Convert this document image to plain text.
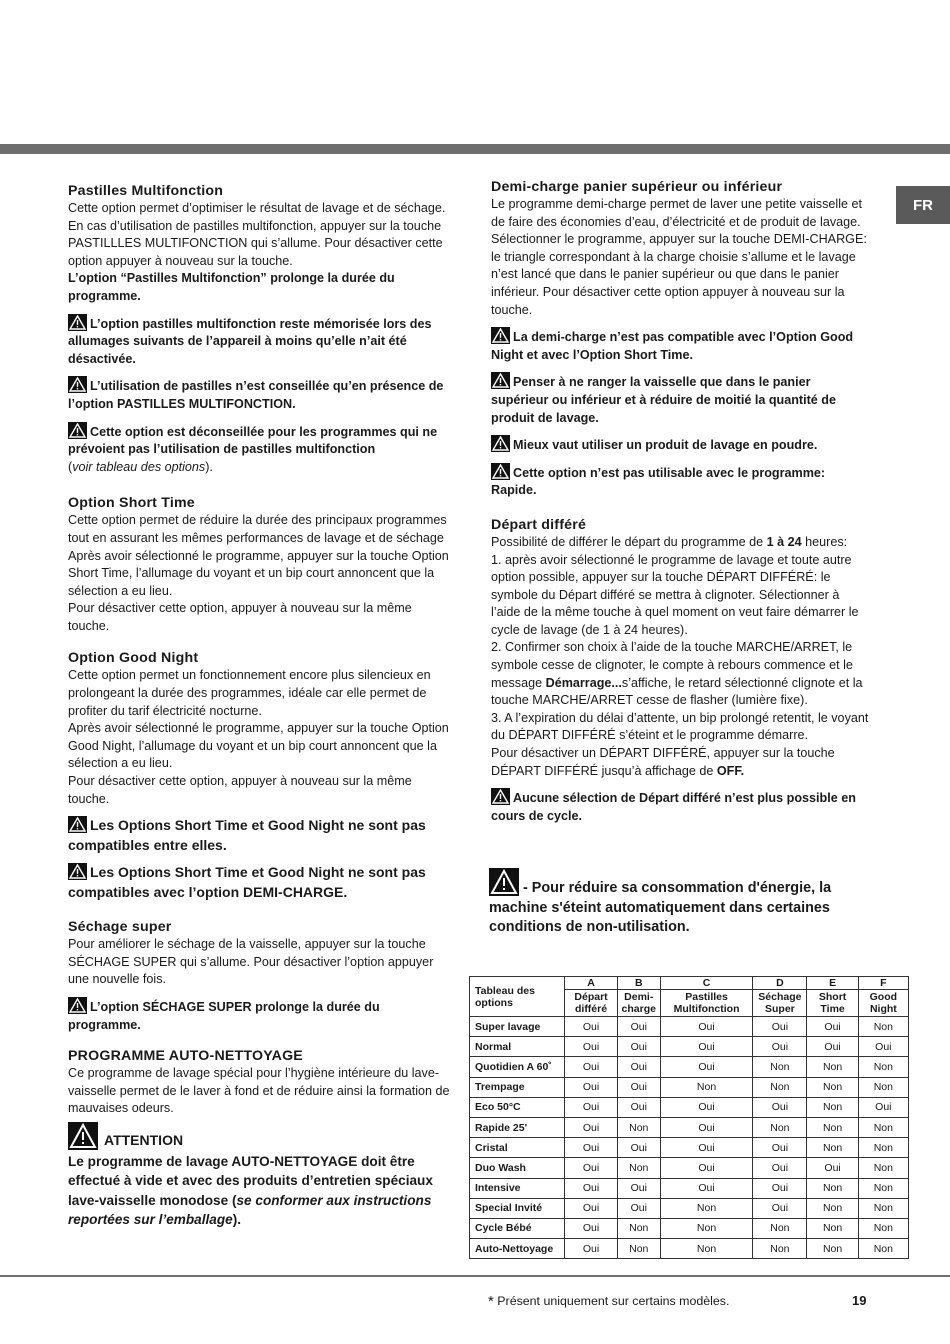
FR
Pastilles Multifonction

Cette option permet d’optimiser le résultat de lavage et de séchage.

En cas d’utilisation de pastilles multifonction, appuyer sur la touche PASTILLLES MULTIFONCTION qui s’allume. Pour désactiver cette option appuyer à nouveau sur la touche.

L’option “Pastilles Multifonction” prolonge la durée du programme.

L’option pastilles multifonction reste mémorisée lors des allumages suivants de l’appareil à moins qu’elle n’ait été désactivée.

L’utilisation de pastilles n’est conseillée qu’en présence de l’option PASTILLES MULTIFONCTION.

Cette option est déconseillée pour les programmes qui ne prévoient pas l’utilisation de pastilles multifonction

(voir tableau des options).

Option Short Time

Cette option permet de réduire la durée des principaux programmes tout en assurant les mêmes performances de lavage et de séchage

Après avoir sélectionné le programme, appuyer sur la touche Option Short Time, l’allumage du voyant et un bip court annoncent que la sélection a eu lieu.

Pour désactiver cette option, appuyer à nouveau sur la même touche.

Option Good Night

Cette option permet un fonctionnement encore plus silencieux en prolongeant la durée des programmes, idéale car elle permet de profiter du tarif électricité nocturne.

Après avoir sélectionné le programme, appuyer sur la touche Option Good Night, l’allumage du voyant et un bip court annoncent que la sélection a eu lieu.

Pour désactiver cette option, appuyer à nouveau sur la même touche.

Les Options Short Time et Good Night ne sont pas compatibles entre elles.

Les Options Short Time et Good Night ne sont pas compatibles avec l’option DEMI-CHARGE.

Séchage super

Pour améliorer le séchage de la vaisselle, appuyer sur la touche SÉCHAGE SUPER qui s’allume. Pour désactiver l’option appuyer une nouvelle fois.

L’option SÉCHAGE SUPER prolonge la durée du programme.

PROGRAMME AUTO-NETTOYAGE

Ce programme de lavage spécial pour l’hygiène intérieure du lave-vaisselle permet de le laver à fond et de réduire ainsi la formation de mauvaises odeurs.

ATTENTION

Le programme de lavage AUTO-NETTOYAGE doit être effectué à vide et avec des produits d’entretien spéciaux lave-vaisselle monodose (se conformer aux instructions reportées sur l’emballage).

Demi-charge panier supérieur ou inférieur

Le programme demi-charge permet de laver une petite vaisselle et de faire des économies d’eau, d’électricité et de produit de lavage. Sélectionner le programme, appuyer sur la touche DEMI-CHARGE: le triangle correspondant à la charge choisie s’allume et le lavage n’est lancé que dans le panier supérieur ou que dans le panier inférieur. Pour désactiver cette option appuyer à nouveau sur la touche.

La demi-charge n’est pas compatible avec l’Option Good Night et avec l’Option Short Time.

Penser à ne ranger la vaisselle que dans le panier supérieur ou inférieur et à réduire de moitié la quantité de produit de lavage.

Mieux vaut utiliser un produit de lavage en poudre.

Cette option n’est pas utilisable avec le programme: Rapide.

Départ différé

Possibilité de différer le départ du programme de 1 à 24 heures:

1. après avoir sélectionné le programme de lavage et toute autre option possible, appuyer sur la touche DÉPART DIFFÉRÉ: le symbole du Départ différé se mettra à clignoter. Sélectionner à l’aide de la même touche à quel moment on veut faire démarrer le cycle de lavage (de 1 à 24 heures).

2. Confirmer son choix à l’aide de la touche MARCHE/ARRET, le symbole cesse de clignoter, le compte à rebours commence et le message Démarrage...s’affiche, le retard sélectionné clignote et la touche MARCHE/ARRET cesse de flasher (lumière fixe).

3. A l’expiration du délai d’attente, un bip prolongé retentit, le voyant du DÉPART DIFFÉRÉ s’éteint et le programme démarre.

Pour désactiver un DÉPART DIFFÉRÉ, appuyer sur la touche DÉPART DIFFÉRÉ jusqu’à affichage de OFF.

Aucune sélection de Départ différé n’est plus possible en cours de cycle.

- Pour réduire sa consommation d'énergie, la machine s'éteint automatiquement dans certaines conditions de non-utilisation.
Tableau des options	A	B	C	D	E	F
	Départ différé	Demi-charge	Pastilles Multifonction	Séchage Super	Short Time	Good Night
Super lavage	Oui	Oui	Oui	Oui	Oui	Non
Normal	Oui	Oui	Oui	Oui	Oui	Oui
Quotidien A 60˚	Oui	Oui	Oui	Non	Non	Non
Trempage	Oui	Oui	Non	Non	Non	Non
Eco 50°C	Oui	Oui	Oui	Oui	Non	Oui
Rapide 25'	Oui	Non	Oui	Non	Non	Non
Cristal	Oui	Oui	Oui	Oui	Non	Non
Duo Wash	Oui	Non	Oui	Oui	Oui	Non
Intensive	Oui	Oui	Oui	Oui	Non	Non
Special Invité	Oui	Oui	Non	Oui	Non	Non
Cycle Bébé	Oui	Non	Non	Non	Non	Non
Auto-Nettoyage	Oui	Non	Non	Non	Non	Non
* Présent uniquement sur certains modèles.	19
